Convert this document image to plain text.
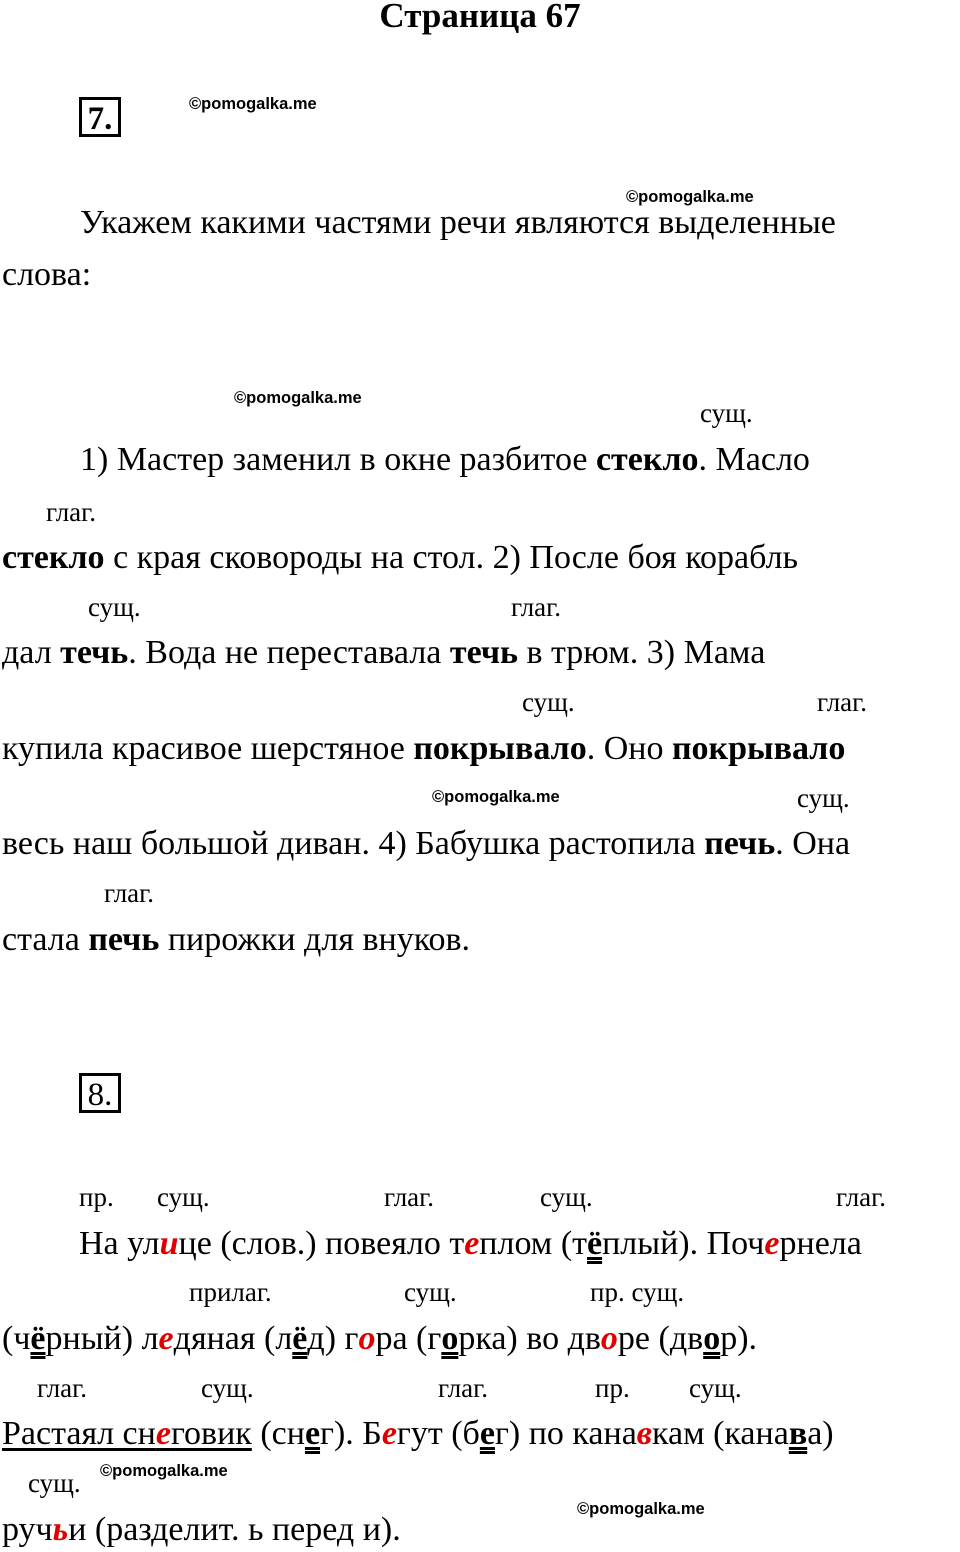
Страница 67
7.	©pomogalka.me
©pomogalka.me
Укажем какими частями речи являются выделенные
слова:
©pomogalka.me	сущ.
1) Мастер заменил в окне разбитое стекло. Масло
глаг.
стекло с края сковороды на стол. 2) После боя корабль
сущ.	глаг.
дал течь. Вода не переставала течь в трюм. 3) Мама
сущ.	глаг.
купила красивое шерстяное покрывало. Оно покрывало
©pomogalka.me	сущ.
весь наш большой диван. 4) Бабушка растопила печь. Она
глаг.
стала печь пирожки для внуков.
8.
пр. сущ.	глаг.	сущ.	глаг.
На улице (слов.) повеяло теплом (тёплый). Почернела
прилаг.	сущ.	пр. сущ.
(чёрный) ледяная (лёд) гора (горка) во дворе (двор).
глаг.	сущ.	глаг.	пр. сущ.
Растаял снеговик (снег). Бегут (бег) по канавкам (канава)
сущ. ©pomogalka.me
©pomogalka.me
ручьи (разделит. ь перед и).
